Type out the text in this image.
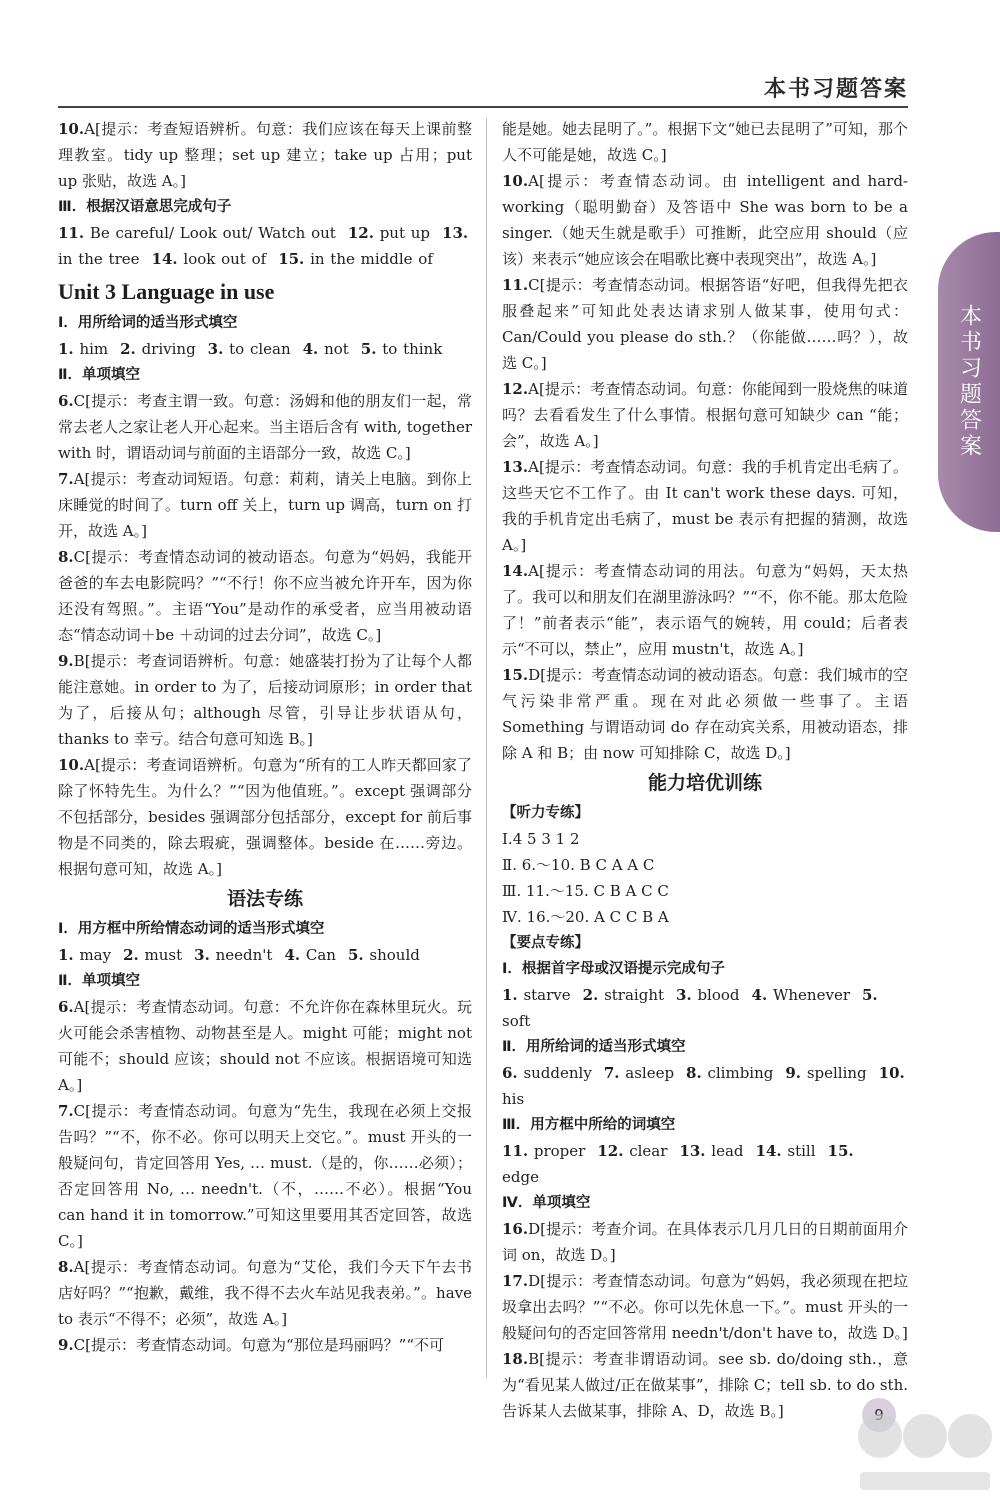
本书习题答案
本书习题答案

10.A[提示：考查短语辨析。句意：我们应该在每天上课前整理教室。tidy up 整理；set up 建立；take up 占用；put up 张贴，故选 A。]

Ⅲ．根据汉语意思完成句子

11. Be careful/ Look out/ Watch out 12. put up 13. in the tree 14. look out of 15. in the middle of

Unit 3 Language in use

Ⅰ．用所给词的适当形式填空

1. him 2. driving 3. to clean 4. not 5. to think

Ⅱ．单项填空

6.C[提示：考查主谓一致。句意：汤姆和他的朋友们一起，常常去老人之家让老人开心起来。当主语后含有 with, together with 时，谓语动词与前面的主语部分一致，故选 C。]

7.A[提示：考查动词短语。句意：莉莉，请关上电脑。到你上床睡觉的时间了。turn off 关上，turn up 调高，turn on 打开，故选 A。]

8.C[提示：考查情态动词的被动语态。句意为“妈妈，我能开爸爸的车去电影院吗？”“不行！你不应当被允许开车，因为你还没有驾照。”。主语“You”是动作的承受者，应当用被动语态“情态动词＋be ＋动词的过去分词”，故选 C。]

9.B[提示：考查词语辨析。句意：她盛装打扮为了让每个人都能注意她。in order to 为了，后接动词原形；in order that 为了，后接从句；although 尽管，引导让步状语从句，thanks to 幸亏。结合句意可知选 B。]

10.A[提示：考查词语辨析。句意为“所有的工人昨天都回家了除了怀特先生。为什么？”“因为他值班。”。except 强调部分不包括部分，besides 强调部分包括部分，except for 前后事物是不同类的，除去瑕疵，强调整体。beside 在……旁边。根据句意可知，故选 A。]

语法专练

Ⅰ．用方框中所给情态动词的适当形式填空

1. may 2. must 3. needn't 4. Can 5. should

Ⅱ．单项填空

6.A[提示：考查情态动词。句意：不允许你在森林里玩火。玩火可能会杀害植物、动物甚至是人。might 可能；might not 可能不；should 应该；should not 不应该。根据语境可知选 A。]

7.C[提示：考查情态动词。句意为“先生，我现在必须上交报告吗？”“不，你不必。你可以明天上交它。”。must 开头的一般疑问句，肯定回答用 Yes, … must.（是的，你……必须）；否定回答用 No, … needn't.（不，……不必）。根据“You can hand it in tomorrow.”可知这里要用其否定回答，故选 C。]

8.A[提示：考查情态动词。句意为“艾伦，我们今天下午去书店好吗？”“抱歉，戴维，我不得不去火车站见我表弟。”。have to 表示“不得不；必须”，故选 A。]

9.C[提示：考查情态动词。句意为“那位是玛丽吗？”“不可

能是她。她去昆明了。”。根据下文“她已去昆明了”可知，那个人不可能是她，故选 C。]

10.A[提示：考查情态动词。由 intelligent and hard-working（聪明勤奋）及答语中 She was born to be a singer.（她天生就是歌手）可推断，此空应用 should（应该）来表示“她应该会在唱歌比赛中表现突出”，故选 A。]

11.C[提示：考查情态动词。根据答语“好吧，但我得先把衣服叠起来”可知此处表达请求别人做某事，使用句式：Can/Could you please do sth.？（你能做……吗？），故选 C。]

12.A[提示：考查情态动词。句意：你能闻到一股烧焦的味道吗？去看看发生了什么事情。根据句意可知缺少 can “能；会”，故选 A。]

13.A[提示：考查情态动词。句意：我的手机肯定出毛病了。这些天它不工作了。由 It can't work these days. 可知，我的手机肯定出毛病了，must be 表示有把握的猜测，故选 A。]

14.A[提示：考查情态动词的用法。句意为“妈妈，天太热了。我可以和朋友们在湖里游泳吗？”“不，你不能。那太危险了！”前者表示“能”，表示语气的婉转，用 could；后者表示“不可以，禁止”，应用 mustn't，故选 A。]

15.D[提示：考查情态动词的被动语态。句意：我们城市的空气污染非常严重。现在对此必须做一些事了。主语 Something 与谓语动词 do 存在动宾关系，用被动语态，排除 A 和 B；由 now 可知排除 C，故选 D。]

能力培优训练

【听力专练】

Ⅰ.4 5 3 1 2

Ⅱ. 6.～10. B C A A C

Ⅲ. 11.～15. C B A C C

Ⅳ. 16.～20. A C C B A

【要点专练】

Ⅰ．根据首字母或汉语提示完成句子

1. starve 2. straight 3. blood 4. Whenever 5. soft

Ⅱ．用所给词的适当形式填空

6. suddenly 7. asleep 8. climbing 9. spelling 10. his

Ⅲ．用方框中所给的词填空

11. proper 12. clear 13. lead 14. still 15. edge

Ⅳ．单项填空

16.D[提示：考查介词。在具体表示几月几日的日期前面用介词 on，故选 D。]

17.D[提示：考查情态动词。句意为“妈妈，我必须现在把垃圾拿出去吗？”“不必。你可以先休息一下。”。must 开头的一般疑问句的否定回答常用 needn't/don't have to，故选 D。]

18.B[提示：考查非谓语动词。see sb. do/doing sth.，意为“看见某人做过/正在做某事”，排除 C；tell sb. to do sth. 告诉某人去做某事，排除 A、D，故选 B。]
